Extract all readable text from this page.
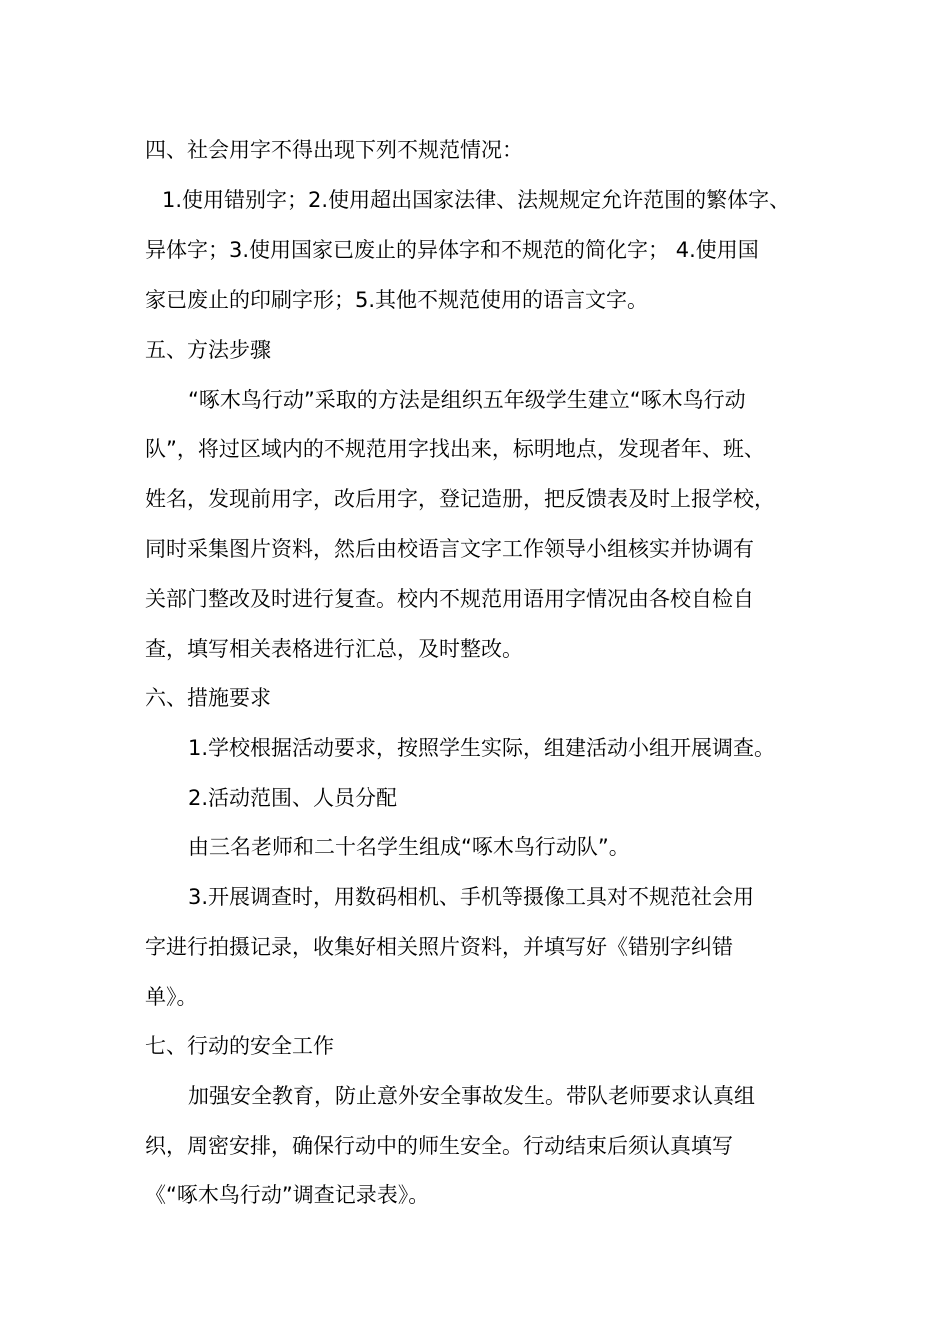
四、社会用字不得出现下列不规范情况：
1.使用错别字；2.使用超出国家法律、法规规定允许范围的繁体字、
异体字；3.使用国家已废止的异体字和不规范的简化字； 4.使用国
家已废止的印刷字形；5.其他不规范使用的语言文字。
五、方法步骤
“啄木鸟行动”采取的方法是组织五年级学生建立“啄木鸟行动
队”，将过区域内的不规范用字找出来，标明地点，发现者年、班、
姓名，发现前用字，改后用字，登记造册，把反馈表及时上报学校，
同时采集图片资料，然后由校语言文字工作领导小组核实并协调有
关部门整改及时进行复查。校内不规范用语用字情况由各校自检自
查，填写相关表格进行汇总，及时整改。
六、措施要求
1.学校根据活动要求，按照学生实际，组建活动小组开展调查。
2.活动范围、人员分配
由三名老师和二十名学生组成“啄木鸟行动队”。
3.开展调查时，用数码相机、手机等摄像工具对不规范社会用
字进行拍摄记录，收集好相关照片资料，并填写好《错别字纠错
单》。
七、行动的安全工作
加强安全教育，防止意外安全事故发生。带队老师要求认真组
织，周密安排，确保行动中的师生安全。行动结束后须认真填写
《“啄木鸟行动”调查记录表》。
